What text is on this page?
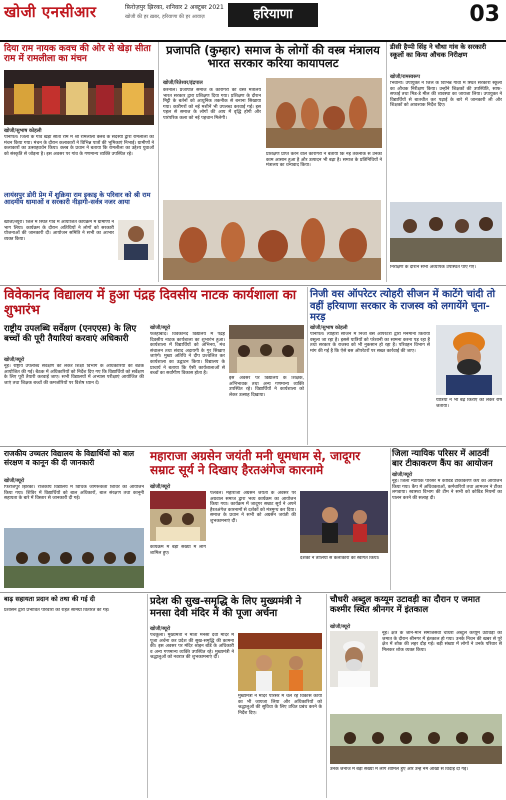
खोजी एनसीआर	फ़िरोज़पुर झिरका, शनिवार 2 अक्टूबर 2021
खोजी की हर ख़बर, हरियाणा की हर आवाज़	हरियाणा	03
दिया राम नायक कवच की ओर से खेड़ा सीता राम में रामलीला का मंचन
खोजी/सुभाष कोहली
पानीपत। जिला के गांव खेड़ा सीता राम में श्री रामलीला क्लब के सदस्यों द्वारा रामलीला का मंचन किया गया। मंचन के दौरान कलाकारों ने विभिन्न पात्रों की भूमिकाएं निभाई। ग्रामीणों ने कलाकारों का उत्साहवर्धन किया। क्लब के प्रधान ने बताया कि रामलीला का उद्देश्य युवाओं को संस्कृति से जोड़ना है। इस अवसर पर गांव के गणमान्य व्यक्ति उपस्थित रहे।
लायंसपुर डोरी प्रेम में शुक्रिया राम इकाइ के परिवार को श्री राम आदमीय धामाओं व सरकारी नीड़ागी-सर्वत्र नजर आया
खोजी/ब्यूरो। जिले में स्थित गांव में आयोजित कार्यक्रम में ग्रामीणों ने भाग लिया। कार्यक्रम के दौरान अतिथियों ने लोगों को सरकारी योजनाओं की जानकारी दी। आयोजन समिति ने सभी का आभार व्यक्त किया।
प्रजापति (कुम्हार) समाज के लोगों की वस्त्र मंत्रालय भारत सरकार करिया कायापलट
खोजी/रितेश्वर/इंद्रपाल
करनाल। प्रजापति समाज के कारीगरों को वस्त्र मंत्रालय भारत सरकार द्वारा प्रशिक्षण दिया गया। प्रशिक्षण के दौरान मिट्टी के बर्तनों को आधुनिक तकनीक से बनाना सिखाया गया। कारीगरों को नई मशीनें भी उपलब्ध करवाई गई। इस पहल से समाज के लोगों की आय में वृद्धि होगी और पारंपरिक कला को नई पहचान मिलेगी।
प्रशिक्षण प्राप्त करने वाले कारीगरों ने बताया कि नई तकनीक से उनका काम आसान हुआ है और उत्पादन भी बढ़ा है। समाज के प्रतिनिधियों ने मंत्रालय का धन्यवाद किया।
डीसी हैप्पी सिंह ने चौथा गांव के सरकारी स्कूलों का किया औचक निरीक्षण
खोजी/रामस्वरूप
भिवानी। उपायुक्त ने जिले के विभिन्न गांवों में स्थित सरकारी स्कूलों का औचक निरीक्षण किया। उन्होंने शिक्षकों की उपस्थिति, साफ-सफाई तथा मिड-डे मील की व्यवस्था का जायजा लिया। उपायुक्त ने विद्यार्थियों से बातचीत कर पढ़ाई के बारे में जानकारी ली और शिक्षकों को आवश्यक निर्देश दिए।
निरीक्षण के दौरान सभी अध्यापक उपस्थित पाए गए।
विवेकानंद विद्यालय में हुआ पंद्रह दिवसीय नाटक कार्यशाला का शुभारंभ
निजी वस ऑपरेटर त्योहरी सीजन में काटेंगे चांदी तो वहीं हरियाणा सरकार के राजस्व को लगायेंगे चूना-मरड़
राष्ट्रीय उपलब्धि सर्वेक्षण (एनएएस) के लिए बच्चों की पूरी तैयारियां करवाएं अधिकारी
खोजी/ब्यूरो
नूंह। राष्ट्रीय उपलब्धि सर्वेक्षण को लेकर शिक्षा विभाग के अधिकारियों की बैठक आयोजित की गई। बैठक में अधिकारियों को निर्देश दिए गए कि विद्यार्थियों को सर्वेक्षण के लिए पूरी तैयारी करवाई जाए। सभी विद्यालयों में अभ्यास परीक्षाएं आयोजित की जाएं तथा शिक्षक बच्चों की कमजोरियों पर विशेष ध्यान दें।
खोजी/ब्यूरो
फतेहाबाद। विवेकानंद विद्यालय में पंद्रह दिवसीय नाटक कार्यशाला का शुभारंभ हुआ। कार्यशाला में विद्यार्थियों को अभिनय, मंच संचालन तथा संवाद अदायगी के गुर सिखाए जाएंगे। मुख्य अतिथि ने दीप प्रज्वलित कर कार्यशाला का उद्घाटन किया। विद्यालय के प्राचार्य ने बताया कि ऐसी कार्यशालाओं से बच्चों का सर्वांगीण विकास होता है।
इस अवसर पर विद्यालय के शिक्षक, अभिभावक तथा अन्य गणमान्य व्यक्ति उपस्थित रहे। विद्यार्थियों ने कार्यशाला को लेकर उत्साह दिखाया।
खोजी/सुभाष कोहली
पानीपत। त्योहारी सीजन में निजी बस ऑपरेटरों द्वारा मनमाना किराया वसूला जा रहा है। इससे यात्रियों को परेशानी का सामना करना पड़ रहा है तथा सरकार के राजस्व को भी नुकसान हो रहा है। परिवहन विभाग से मांग की गई है कि ऐसे बस ऑपरेटरों पर सख्त कार्रवाई की जाए।
यात्रियों ने भी बढ़े किराए को लेकर रोष जताया।
महाराजा अग्रसेन जयंती मनी धूमधाम से, जादूगर सम्राट सूर्य ने दिखाए हैरतअंगेज कारनामे
जिला न्यायिक परिसर में आठवीं बार टीकाकरण कैंप का आयोजन
राजकीय उच्चतर विद्यालय के विद्यार्थियों को बाल संरक्षण व कानून की दी जानकारी
खोजी/ब्यूरो
फिरोजपुर झिरका। राजकीय विद्यालय में विधिक जागरूकता शिविर का आयोजन किया गया। शिविर में विद्यार्थियों को बाल अधिकारों, बाल संरक्षण तथा कानूनी सहायता के बारे में विस्तार से जानकारी दी गई।
खोजी/ब्यूरो
पलवल। महाराजा अग्रसेन जयंती के अवसर पर अग्रवाल समाज द्वारा भव्य कार्यक्रम का आयोजन किया गया। कार्यक्रम में जादूगर सम्राट सूर्य ने अपने हैरतअंगेज कारनामों से दर्शकों को मंत्रमुग्ध कर दिया। समाज के प्रधान ने सभी को अग्रसेन जयंती की शुभकामनाएं दीं।
कार्यक्रम में बड़ी संख्या में लोग शामिल हुए।
दर्शकों ने तालियों से कलाकारों का स्वागत किया।
खोजी/ब्यूरो
नूंह। जिला न्यायिक परिसर में कोविड टीकाकरण कैंप का आयोजन किया गया। कैंप में अधिवक्ताओं, कर्मचारियों तथा आमजन ने टीका लगवाया। स्वास्थ्य विभाग की टीम ने सभी को कोविड नियमों का पालन करने की सलाह दी।
बाढ़ सहायता प्रदान को तथा की गई दी
प्रशासन द्वारा प्रभावित परिवारों को राहत सामग्री वितरित की गई।
प्रदेश की सुख-समृद्धि के लिए मुख्यमंत्री ने मनसा देवी मंदिर में की पूजा अर्चना
खोजी/ब्यूरो
पंचकूला। मुख्यमंत्री ने माता मनसा देवी मंदिर में पूजा अर्चना कर प्रदेश की सुख-समृद्धि की कामना की। इस अवसर पर मंदिर श्राइन बोर्ड के अधिकारी व अन्य गणमान्य व्यक्ति उपस्थित रहे। मुख्यमंत्री ने श्रद्धालुओं को नवरात्र की शुभकामनाएं दीं।
मुख्यमंत्री ने मंदिर परिसर में चल रहे विकास कार्यों का भी जायजा लिया और अधिकारियों को श्रद्धालुओं की सुविधा के लिए उचित प्रबंध करने के निर्देश दिए।
चौधरी अब्दुल कय्यूम उटावड़ी का दौरान ए जमात कश्मीर स्थित श्रीनगर में इंतकाल
खोजी/ब्यूरो
नूंह। क्षेत्र के जाने-माने समाजसेवी चौधरी अब्दुल कय्यूम उटावड़ी का जमात के दौरान श्रीनगर में इंतकाल हो गया। उनके निधन की खबर से पूरे क्षेत्र में शोक की लहर दौड़ गई। बड़ी संख्या में लोगों ने उनके परिवार से मिलकर शोक व्यक्त किया।
उनके जनाजे में बड़ी संख्या में लोग शामिल हुए और उन्हें नम आंखों से विदाई दी गई।
